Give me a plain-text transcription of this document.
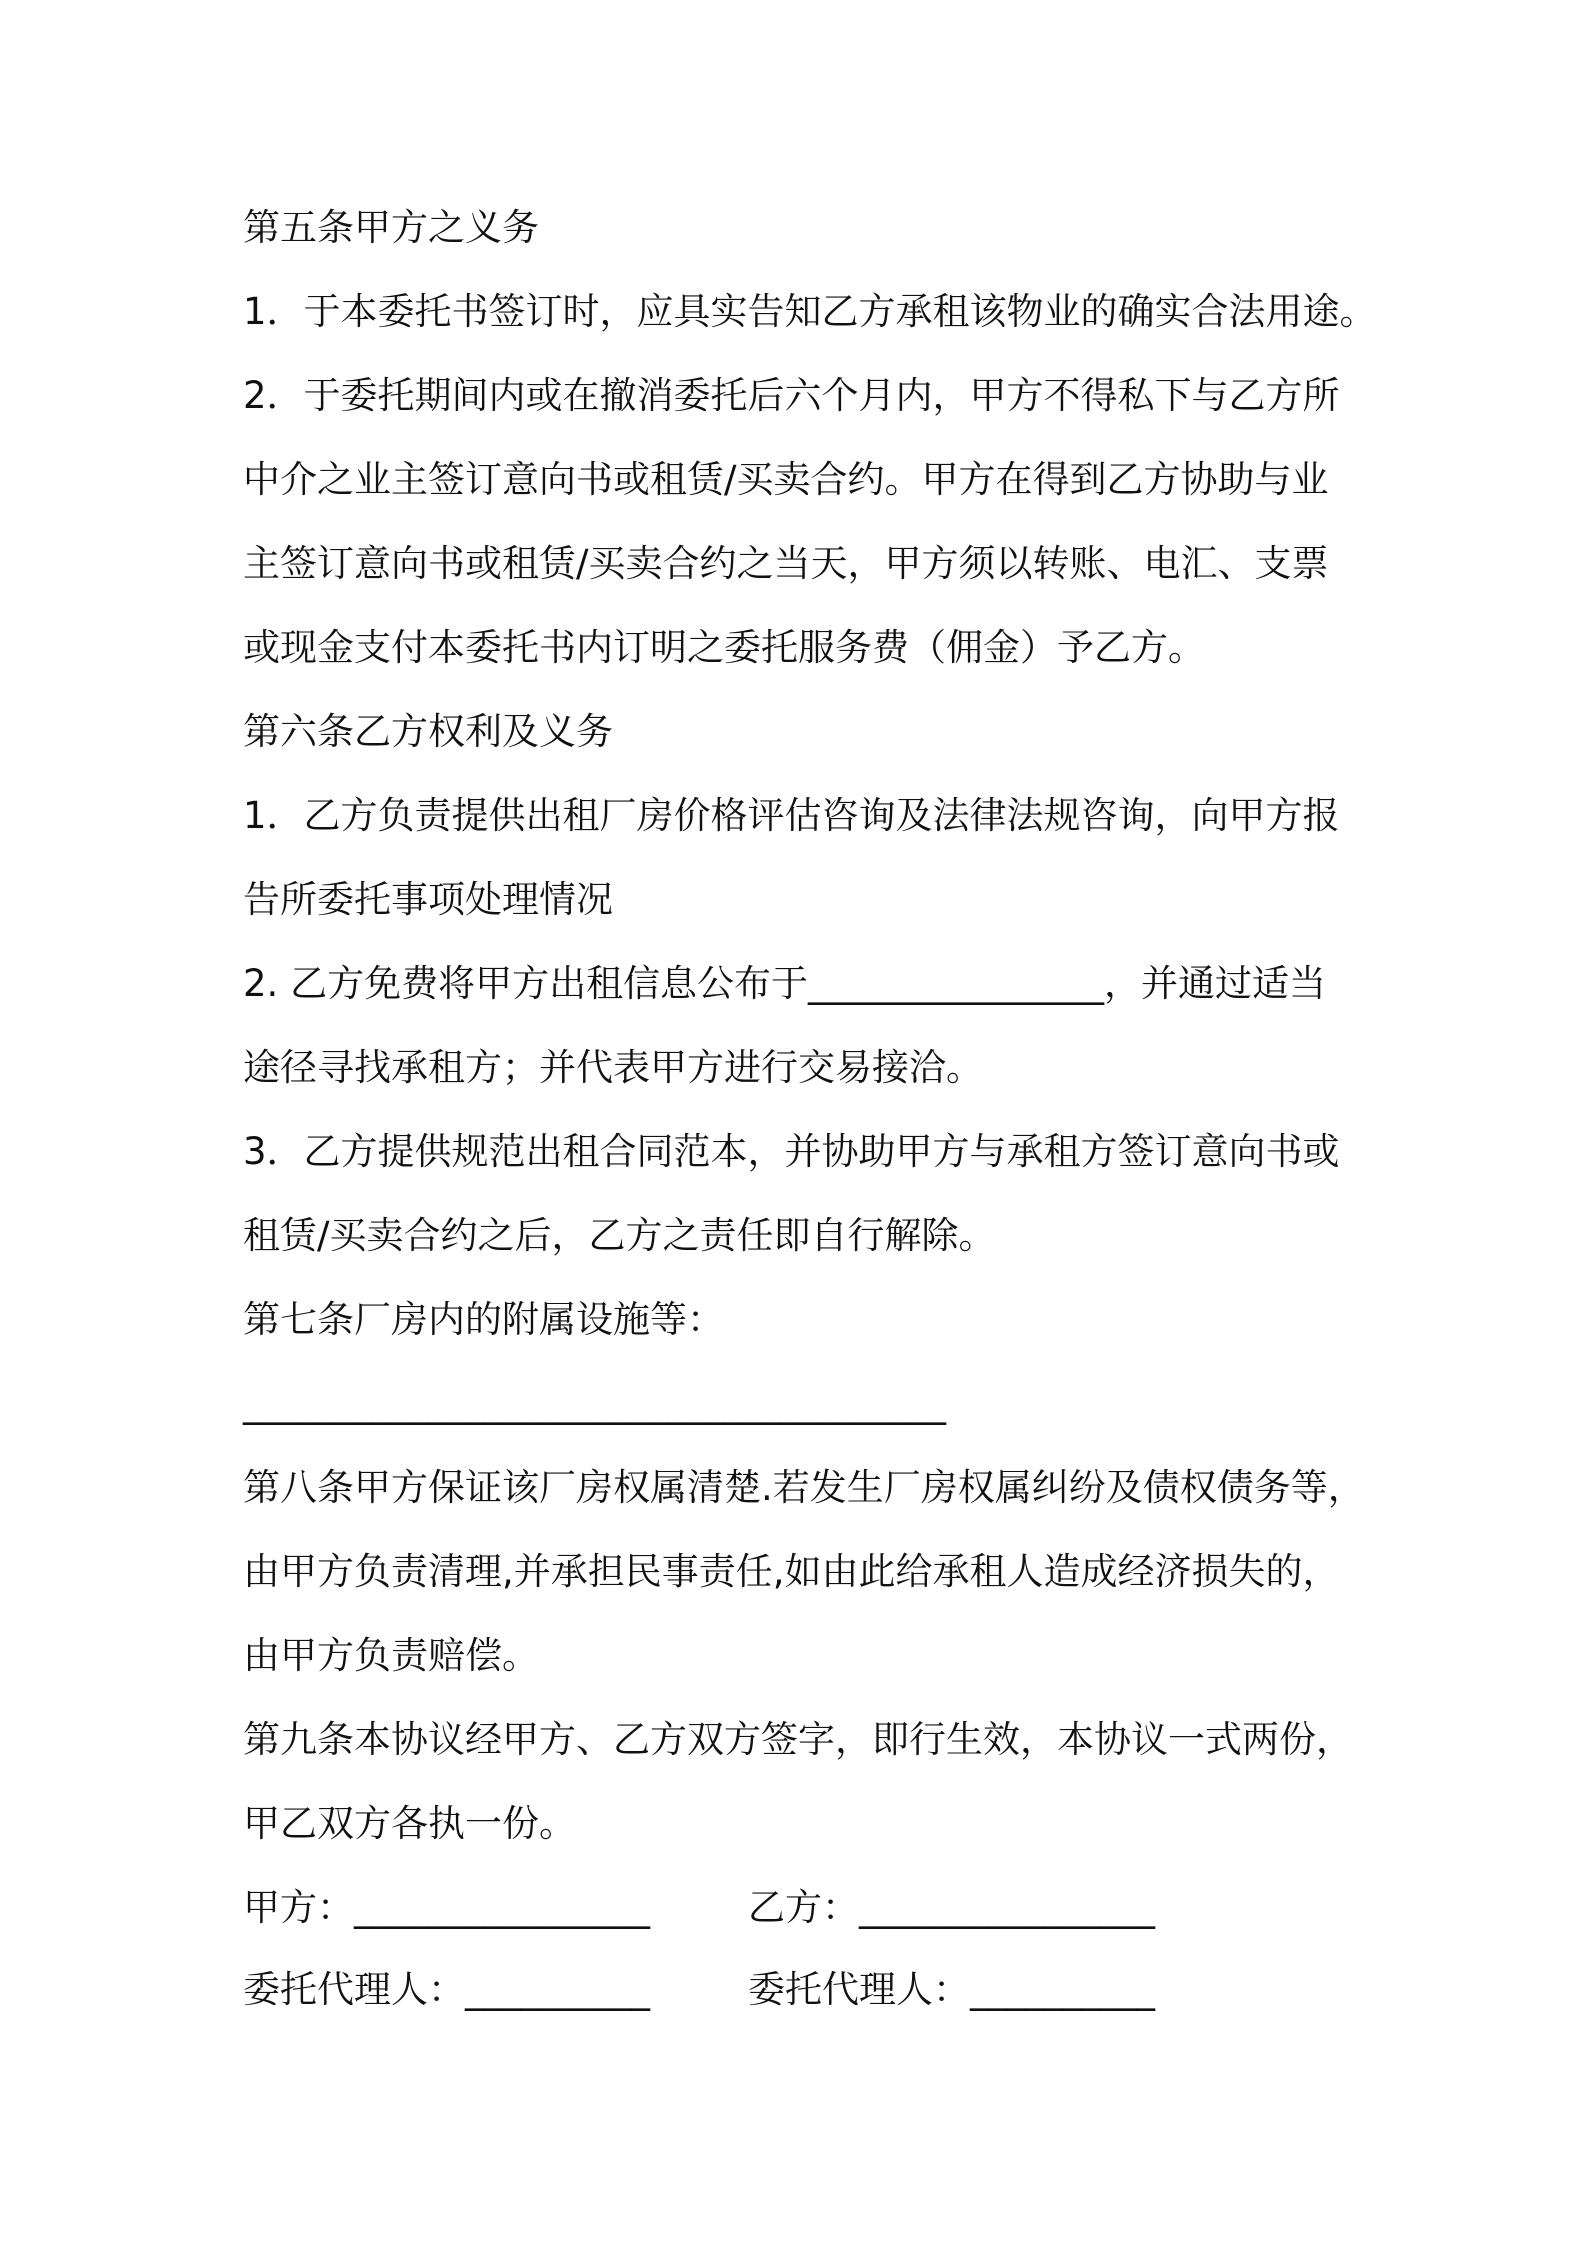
第五条甲方之义务
1．于本委托书签订时，应具实告知乙方承租该物业的确实合法用途。
2．于委托期间内或在撤消委托后六个月内，甲方不得私下与乙方所
中介之业主签订意向书或租赁/买卖合约。甲方在得到乙方协助与业
主签订意向书或租赁/买卖合约之当天，甲方须以转账、电汇、支票
或现金支付本委托书内订明之委托服务费（佣金）予乙方。
第六条乙方权利及义务
1．乙方负责提供出租厂房价格评估咨询及法律法规咨询，向甲方报
告所委托事项处理情况
2. 乙方免费将甲方出租信息公布于________________，并通过适当
途径寻找承租方；并代表甲方进行交易接洽。
3．乙方提供规范出租合同范本，并协助甲方与承租方签订意向书或
租赁/买卖合约之后，乙方之责任即自行解除。
第七条厂房内的附属设施等：
______________________________________
第八条甲方保证该厂房权属清楚.若发生厂房权属纠纷及债权债务等，
由甲方负责清理,并承担民事责任,如由此给承租人造成经济损失的，
由甲方负责赔偿。
第九条本协议经甲方、乙方双方签字，即行生效，本协议一式两份，
甲乙双方各执一份。
甲方：________________	乙方：________________
委托代理人：__________	委托代理人：__________
